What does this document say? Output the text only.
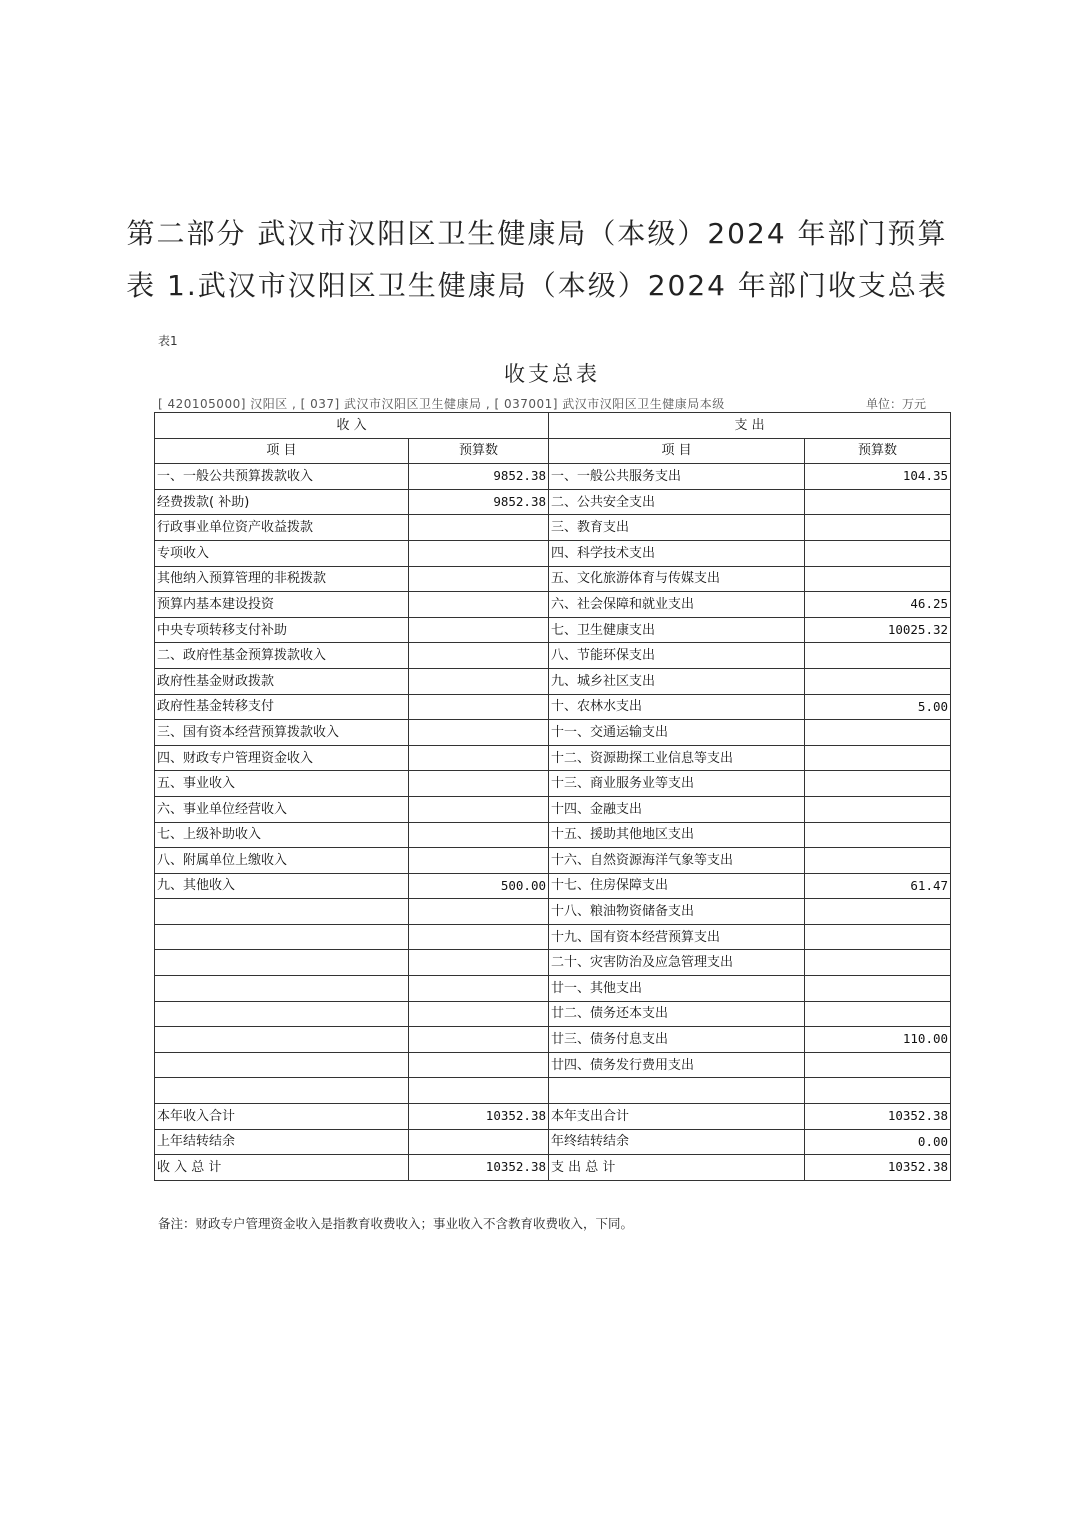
第二部分 武汉市汉阳区卫生健康局（本级）2024 年部门预算
表 1.武汉市汉阳区卫生健康局（本级）2024 年部门收支总表
表1
收支总表
[ 420105000] 汉阳区 , [ 037] 武汉市汉阳区卫生健康局 , [ 037001] 武汉市汉阳区卫生健康局本级	单位：万元
收 入		支 出	
项 目	预算数	项 目	预算数
一、一般公共预算拨款收入	9852.38	一、一般公共服务支出	104.35
经费拨款( 补助)	9852.38	二、公共安全支出	
行政事业单位资产收益拨款		三、教育支出	
专项收入		四、科学技术支出	
其他纳入预算管理的非税拨款		五、文化旅游体育与传媒支出	
预算内基本建设投资		六、社会保障和就业支出	46.25
中央专项转移支付补助		七、卫生健康支出	10025.32
二、政府性基金预算拨款收入		八、节能环保支出	
政府性基金财政拨款		九、城乡社区支出	
政府性基金转移支付		十、农林水支出	5.00
三、国有资本经营预算拨款收入		十一、交通运输支出	
四、财政专户管理资金收入		十二、资源勘探工业信息等支出	
五、事业收入		十三、商业服务业等支出	
六、事业单位经营收入		十四、金融支出	
七、上级补助收入		十五、援助其他地区支出	
八、附属单位上缴收入		十六、自然资源海洋气象等支出	
九、其他收入	500.00	十七、住房保障支出	61.47
		十八、粮油物资储备支出	
		十九、国有资本经营预算支出	
		二十、灾害防治及应急管理支出	
		廿一、其他支出	
		廿二、债务还本支出	
		廿三、债务付息支出	110.00
		廿四、债务发行费用支出	

本年收入合计	10352.38	本年支出合计	10352.38
上年结转结余		年终结转结余	0.00
收 入 总 计	10352.38	支 出 总 计	10352.38
备注：财政专户管理资金收入是指教育收费收入；事业收入不含教育收费收入，下同。
